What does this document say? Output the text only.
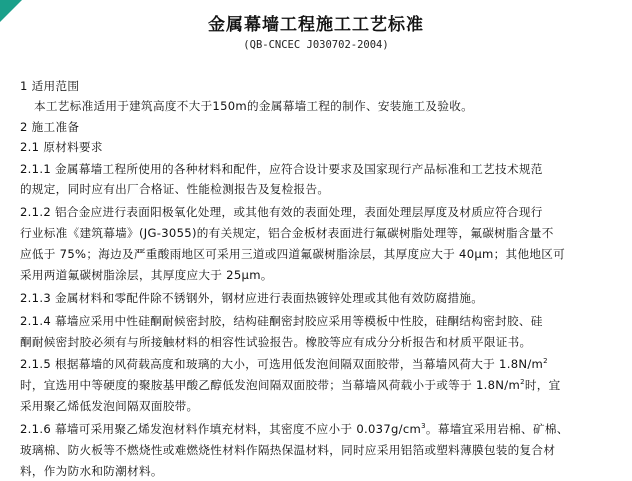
金属幕墙工程施工工艺标准
(QB-CNCEC J030702-2004)
1 适用范围
本工艺标准适用于建筑高度不大于150m的金属幕墙工程的制作、安装施工及验收。
2 施工准备
2.1 原材料要求
2.1.1 金属幕墙工程所使用的各种材料和配件，应符合设计要求及国家现行产品标准和工艺技术规范
的规定，同时应有出厂合格证、性能检测报告及复检报告。
2.1.2 铝合金应进行表面阳极氧化处理，或其他有效的表面处理，表面处理层厚度及材质应符合现行
行业标准《建筑幕墙》(JG-3055)的有关规定，铝合金板材表面进行氟碳树脂处理等，氟碳树脂含量不
应低于 75%；海边及严重酸雨地区可采用三道或四道氟碳树脂涂层，其厚度应大于 40μm；其他地区可
采用两道氟碳树脂涂层，其厚度应大于 25μm。
2.1.3 金属材料和零配件除不锈钢外，钢材应进行表面热镀锌处理或其他有效防腐措施。
2.1.4 幕墙应采用中性硅酮耐候密封胶，结构硅酮密封胶应采用等模板中性胶，硅酮结构密封胶、硅
酮耐候密封胶必须有与所接触材料的相容性试验报告。橡胶等应有成分分析报告和材质平限证书。
2.1.5 根据幕墙的风荷载高度和玻璃的大小，可选用低发泡间隔双面胶带，当幕墙风荷大于 $1.8N/m^2$
时，宜选用中等硬度的聚胺基甲酸乙醇低发泡间隔双面胶带；当幕墙风荷载小于或等于 $1.8N/m^2$时，宜
采用聚乙烯低发泡间隔双面胶带。
2.1.6 幕墙可采用聚乙烯发泡材料作填充材料，其密度不应小于 $0.037g/cm^3$。幕墙宜采用岩棉、矿棉、
玻璃棉、防火板等不燃烧性或难燃烧性材料作隔热保温材料，同时应采用铝箔或塑料薄膜包装的复合材
料，作为防水和防潮材料。
